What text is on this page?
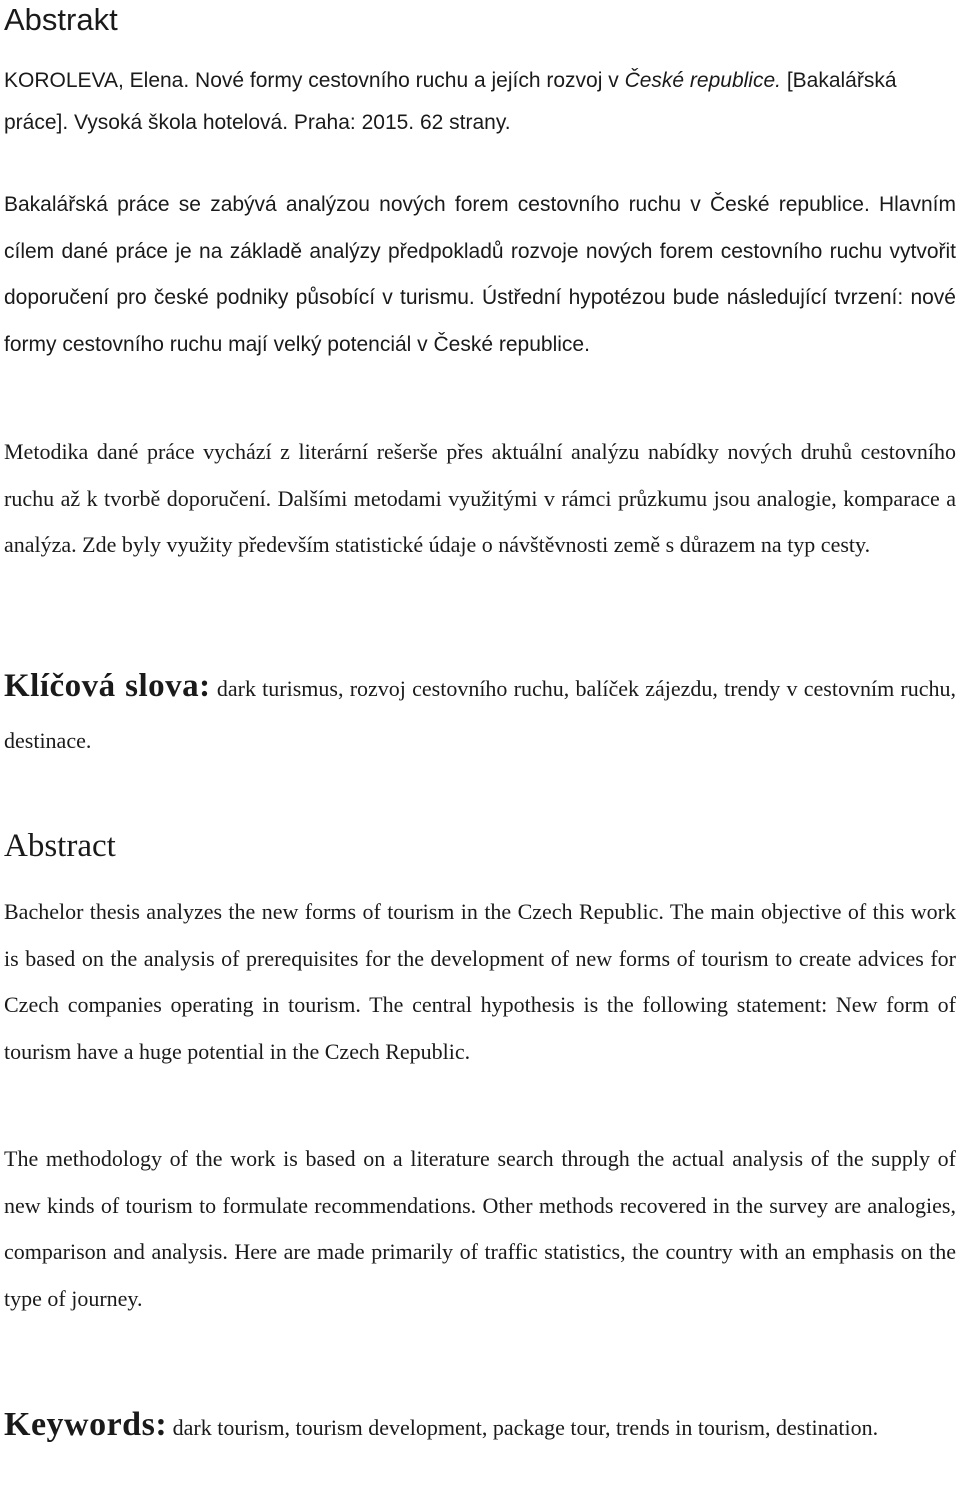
Abstrakt

KOROLEVA, Elena. Nové formy cestovního ruchu a jejích rozvoj v České republice. [Bakalářská práce]. Vysoká škola hotelová. Praha: 2015. 62 strany.

Bakalářská práce se zabývá analýzou nových forem cestovního ruchu v České republice. Hlavním cílem dané práce je na základě analýzy předpokladů rozvoje nových forem cestovního ruchu vytvořit doporučení pro české podniky působící v turismu. Ústřední hypotézou bude následující tvrzení: nové formy cestovního ruchu mají velký potenciál v České republice.

Metodika dané práce vychází z literární rešerše přes aktuální analýzu nabídky nových druhů cestovního ruchu až k tvorbě doporučení. Dalšími metodami využitými v rámci průzkumu jsou analogie, komparace a analýza. Zde byly využity především statistické údaje o návštěvnosti země s důrazem na typ cesty.

Klíčová slova: dark turismus, rozvoj cestovního ruchu, balíček zájezdu, trendy v cestovním ruchu, destinace.

Abstract

Bachelor thesis analyzes the new forms of tourism in the Czech Republic. The main objective of this work is based on the analysis of prerequisites for the development of new forms of tourism to create advices for Czech companies operating in tourism. The central hypothesis is the following statement: New form of tourism have a huge potential in the Czech Republic.

The methodology of the work is based on a literature search through the actual analysis of the supply of new kinds of tourism to formulate recommendations. Other methods recovered in the survey are analogies, comparison and analysis. Here are made primarily of traffic statistics, the country with an emphasis on the type of journey.

Keywords: dark tourism, tourism development, package tour, trends in tourism, destination.
